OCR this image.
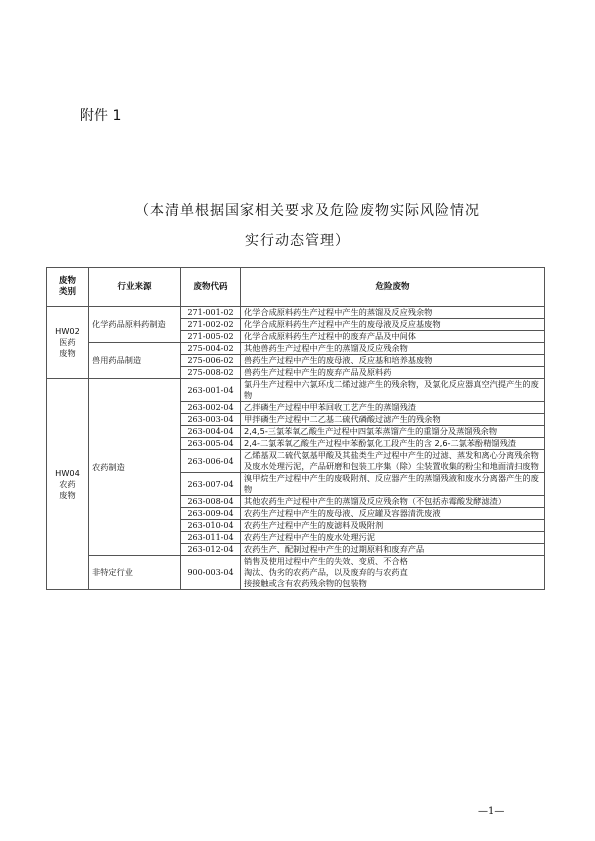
附件 1
（本清单根据国家相关要求及危险废物实际风险情况
实行动态管理）
废物
类别	行业来源	废物代码	危险废物
HW02
医药
废物	化学药品原料药制造	271-001-02	化学合成原料药生产过程中产生的蒸馏及反应残余物
		271-002-02	化学合成原料药生产过程中产生的废母液及反应基废物
		271-005-02	化学合成原料药生产过程中的废弃产品及中间体
	兽用药品制造	275-004-02	其他兽药生产过程中产生的蒸馏及反应残余物
		275-006-02	兽药生产过程中产生的废母液、反应基和培养基废物
		275-008-02	兽药生产过程中产生的废弃产品及原料药
HW04
农药
废物	农药制造	263-001-04	氯丹生产过程中六氯环戊二烯过滤产生的残余物，及氯化反应器真空汽提产生的废物
		263-002-04	乙拌磷生产过程中甲苯回收工艺产生的蒸馏残渣
		263-003-04	甲拌磷生产过程中二乙基二硫代磷酸过滤产生的残余物
		263-004-04	2,4,5-三氯苯氧乙酸生产过程中四氯苯蒸馏产生的重馏分及蒸馏残余物
		263-005-04	2,4-二氯苯氧乙酸生产过程中苯酚氯化工段产生的含 2,6-二氯苯酚精馏残渣
		263-006-04	乙烯基双二硫代氨基甲酸及其盐类生产过程中产生的过滤、蒸发和离心分离残余物及废水处理污泥，产品研磨和包装工序集（除）尘装置收集的粉尘和地面清扫废物
		263-007-04	溴甲烷生产过程中产生的废吸附剂、反应器产生的蒸馏残液和废水分离器产生的废物
		263-008-04	其他农药生产过程中产生的蒸馏及反应残余物（不包括赤霉酸发酵滤渣）
		263-009-04	农药生产过程中产生的废母液、反应罐及容器清洗废液
		263-010-04	农药生产过程中产生的废滤料及吸附剂
		263-011-04	农药生产过程中产生的废水处理污泥
		263-012-04	农药生产、配制过程中产生的过期原料和废弃产品
	非特定行业	900-003-04	销售及使用过程中产生的失效、变质、不合格
淘汰、伪劣的农药产品，以及废弃的与农药直
接接触或含有农药残余物的包装物
—1—
